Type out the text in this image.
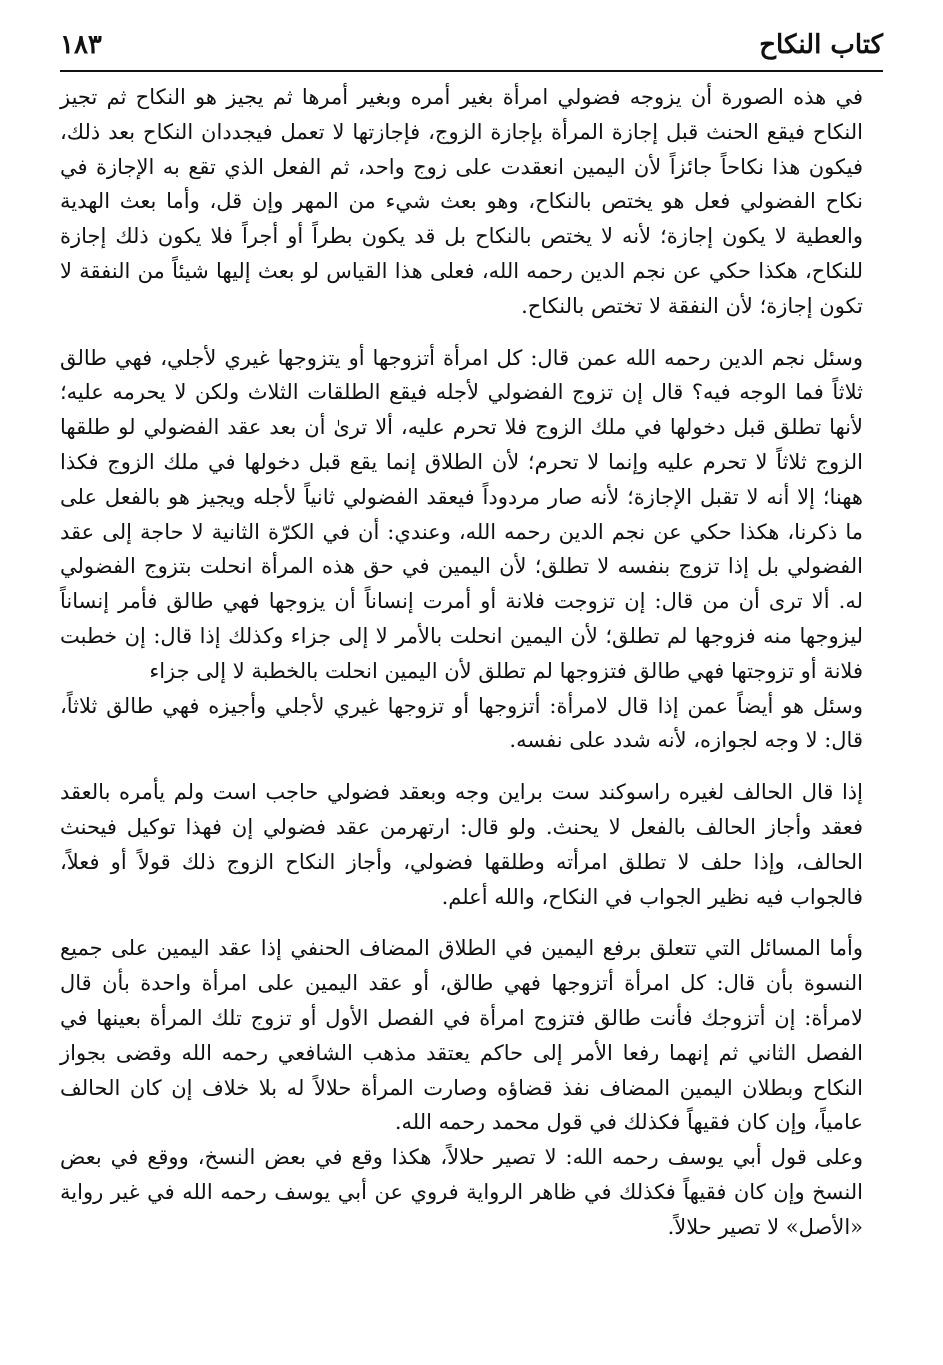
كتاب النكاح
١٨٣

في هذه الصورة أن يزوجه فضولي امرأة بغير أمره وبغير أمرها ثم يجيز هو النكاح ثم تجيز النكاح فيقع الحنث قبل إجازة المرأة بإجازة الزوج، فإجازتها لا تعمل فيجددان النكاح بعد ذلك، فيكون هذا نكاحاً جائزاً لأن اليمين انعقدت على زوج واحد، ثم الفعل الذي تقع به الإجازة في نكاح الفضولي فعل هو يختص بالنكاح، وهو بعث شيء من المهر وإن قل، وأما بعث الهدية والعطية لا يكون إجازة؛ لأنه لا يختص بالنكاح بل قد يكون بطراً أو أجراً فلا يكون ذلك إجازة للنكاح، هكذا حكي عن نجم الدين رحمه الله، فعلى هذا القياس لو بعث إليها شيئاً من النفقة لا تكون إجازة؛ لأن النفقة لا تختص بالنكاح.

وسئل نجم الدين رحمه الله عمن قال: كل امرأة أتزوجها أو يتزوجها غيري لأجلي، فهي طالق ثلاثاً فما الوجه فيه؟ قال إن تزوج الفضولي لأجله فيقع الطلقات الثلاث ولكن لا يحرمه عليه؛ لأنها تطلق قبل دخولها في ملك الزوج فلا تحرم عليه، ألا ترىٰ أن بعد عقد الفضولي لو طلقها الزوج ثلاثاً لا تحرم عليه وإنما لا تحرم؛ لأن الطلاق إنما يقع قبل دخولها في ملك الزوج فكذا ههنا؛ إلا أنه لا تقبل الإجازة؛ لأنه صار مردوداً فيعقد الفضولي ثانياً لأجله ويجيز هو بالفعل على ما ذكرنا، هكذا حكي عن نجم الدين رحمه الله، وعندي: أن في الكرّة الثانية لا حاجة إلى عقد الفضولي بل إذا تزوج بنفسه لا تطلق؛ لأن اليمين في حق هذه المرأة انحلت بتزوج الفضولي له. ألا ترى أن من قال: إن تزوجت فلانة أو أمرت إنساناً أن يزوجها فهي طالق فأمر إنساناً ليزوجها منه فزوجها لم تطلق؛ لأن اليمين انحلت بالأمر لا إلى جزاء وكذلك إذا قال: إن خطبت فلانة أو تزوجتها فهي طالق فتزوجها لم تطلق لأن اليمين انحلت بالخطبة لا إلى جزاء

وسئل هو أيضاً عمن إذا قال لامرأة: أتزوجها أو تزوجها غيري لأجلي وأجيزه فهي طالق ثلاثاً، قال: لا وجه لجوازه، لأنه شدد على نفسه.

إذا قال الحالف لغيره راسوكند ست براين وجه وبعقد فضولي حاجب است ولم يأمره بالعقد فعقد وأجاز الحالف بالفعل لا يحنث. ولو قال: ارتهرمن عقد فضولي إن فهذا توكيل فيحنث الحالف، وإذا حلف لا تطلق امرأته وطلقها فضولي، وأجاز النكاح الزوج ذلك قولاً أو فعلاً، فالجواب فيه نظير الجواب في النكاح، والله أعلم.

وأما المسائل التي تتعلق برفع اليمين في الطلاق المضاف الحنفي إذا عقد اليمين على جميع النسوة بأن قال: كل امرأة أتزوجها فهي طالق، أو عقد اليمين على امرأة واحدة بأن قال لامرأة: إن أتزوجك فأنت طالق فتزوج امرأة في الفصل الأول أو تزوج تلك المرأة بعينها في الفصل الثاني ثم إنهما رفعا الأمر إلى حاكم يعتقد مذهب الشافعي رحمه الله وقضى بجواز النكاح وبطلان اليمين المضاف نفذ قضاؤه وصارت المرأة حلالاً له بلا خلاف إن كان الحالف عامياً، وإن كان فقيهاً فكذلك في قول محمد رحمه الله.

وعلى قول أبي يوسف رحمه الله: لا تصير حلالاً، هكذا وقع في بعض النسخ، ووقع في بعض النسخ وإن كان فقيهاً فكذلك في ظاهر الرواية فروي عن أبي يوسف رحمه الله في غير رواية «الأصل» لا تصير حلالاً.
